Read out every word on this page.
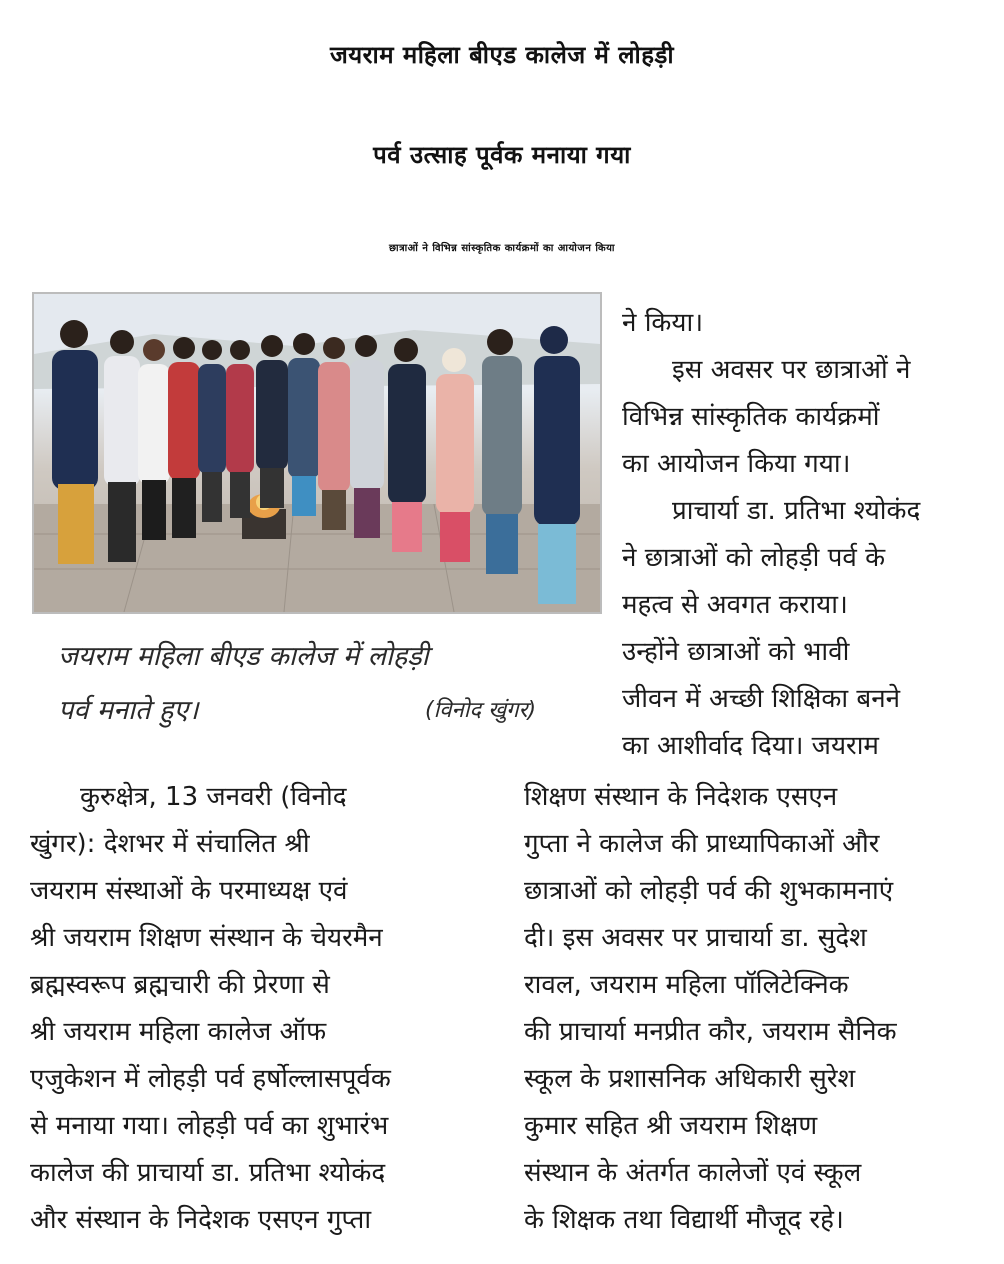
जयराम महिला बीएड कालेज में लोहड़ी
पर्व उत्साह पूर्वक मनाया गया
छात्राओं ने विभिन्न सांस्कृतिक कार्यक्रमों का आयोजन किया
जयराम महिला बीएड कालेज में लोहड़ी
पर्व मनाते हुए।	(विनोद खुंगर)
ने किया।
इस अवसर पर छात्राओं ने
विभिन्न सांस्कृतिक कार्यक्रमों
का आयोजन किया गया।
प्राचार्या डा. प्रतिभा श्योकंद
ने छात्राओं को लोहड़ी पर्व के
महत्व से अवगत कराया।
उन्होंने छात्राओं को भावी
जीवन में अच्छी शिक्षिका बनने
का आशीर्वाद दिया। जयराम
कुरुक्षेत्र, 13 जनवरी (विनोद
खुंगर): देशभर में संचालित श्री
जयराम संस्थाओं के परमाध्यक्ष एवं
श्री जयराम शिक्षण संस्थान के चेयरमैन
ब्रह्मस्वरूप ब्रह्मचारी की प्रेरणा से
श्री जयराम महिला कालेज ऑफ
एजुकेशन में लोहड़ी पर्व हर्षोल्लासपूर्वक
से मनाया गया। लोहड़ी पर्व का शुभारंभ
कालेज की प्राचार्या डा. प्रतिभा श्योकंद
और संस्थान के निदेशक एसएन गुप्ता
शिक्षण संस्थान के निदेशक एसएन
गुप्ता ने कालेज की प्राध्यापिकाओं और
छात्राओं को लोहड़ी पर्व की शुभकामनाएं
दी। इस अवसर पर प्राचार्या डा. सुदेश
रावल, जयराम महिला पॉलिटेक्निक
की प्राचार्या मनप्रीत कौर, जयराम सैनिक
स्कूल के प्रशासनिक अधिकारी सुरेश
कुमार सहित श्री जयराम शिक्षण
संस्थान के अंतर्गत कालेजों एवं स्कूल
के शिक्षक तथा विद्यार्थी मौजूद रहे।
